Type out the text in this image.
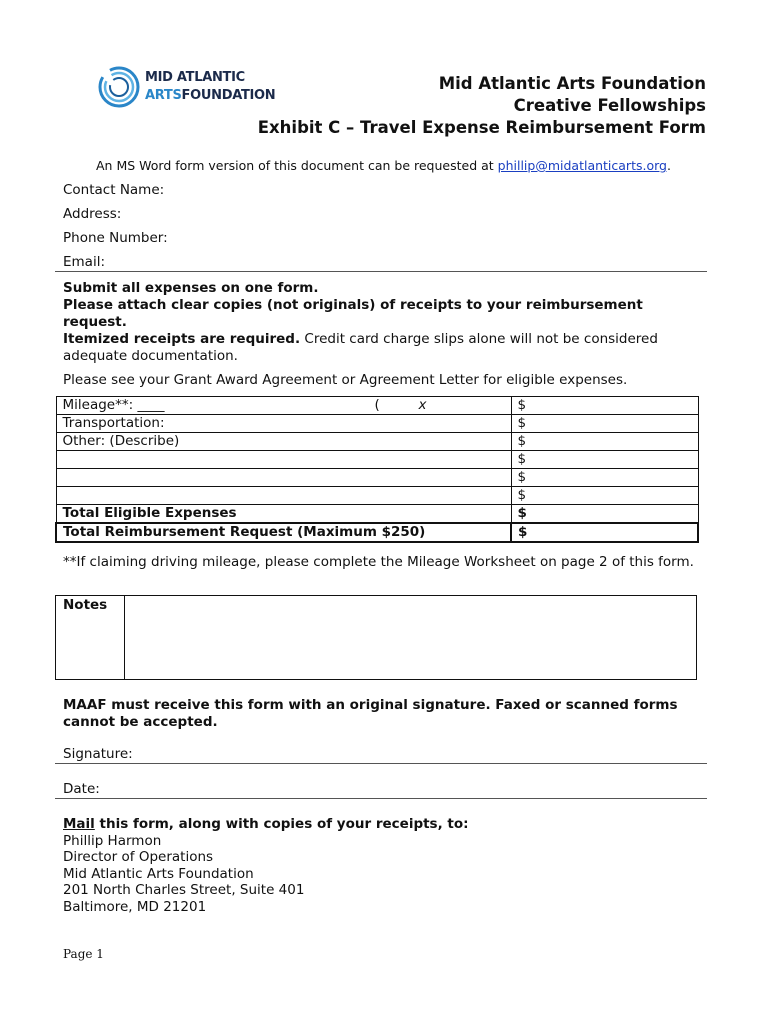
MID ATLANTIC
ARTSFOUNDATION
Mid Atlantic Arts Foundation
Creative Fellowships
Exhibit C – Travel Expense Reimbursement Form
An MS Word form version of this document can be requested at phillip@midatlanticarts.org.
Contact Name:
Address:
Phone Number:
Email:
Submit all expenses on one form.
Please attach clear copies (not originals) of receipts to your reimbursement request.
Itemized receipts are required. Credit card charge slips alone will not be considered adequate documentation.
Please see your Grant Award Agreement or Agreement Letter for eligible expenses.
Mileage**: ____ ( x	$
Transportation:	$
Other: (Describe)	$
	$
	$
	$
Total Eligible Expenses	$
Total Reimbursement Request (Maximum $250)	$
**If claiming driving mileage, please complete the Mileage Worksheet on page 2 of this form.
Notes
MAAF must receive this form with an original signature. Faxed or scanned forms cannot be accepted.
Signature:
Date:
Mail this form, along with copies of your receipts, to:
Phillip Harmon
Director of Operations
Mid Atlantic Arts Foundation
201 North Charles Street, Suite 401
Baltimore, MD 21201
Page 1
